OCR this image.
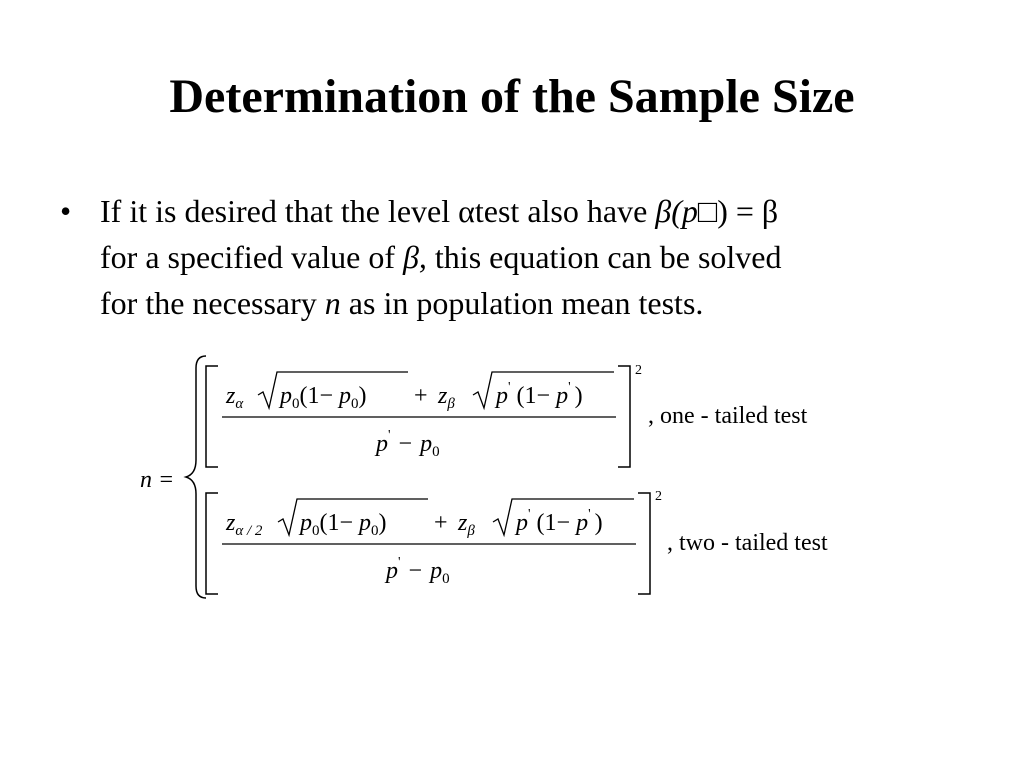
Determination of the Sample Size
• If it is desired that the level αtest also have β(p□) = β
for a specified value of β, this equation can be solved
for the necessary n as in population mean tests.
n =
2
$z_\alpha$ $p_0(1- p_0) + z_\beta$ p' (1− p' )
$p' - p_0$
, one - tailed test
2
$z_{\alpha / 2}$ $p_0(1- p_0) + z_\beta$ p' (1− p' )
$p' - p_0$
, two - tailed test
